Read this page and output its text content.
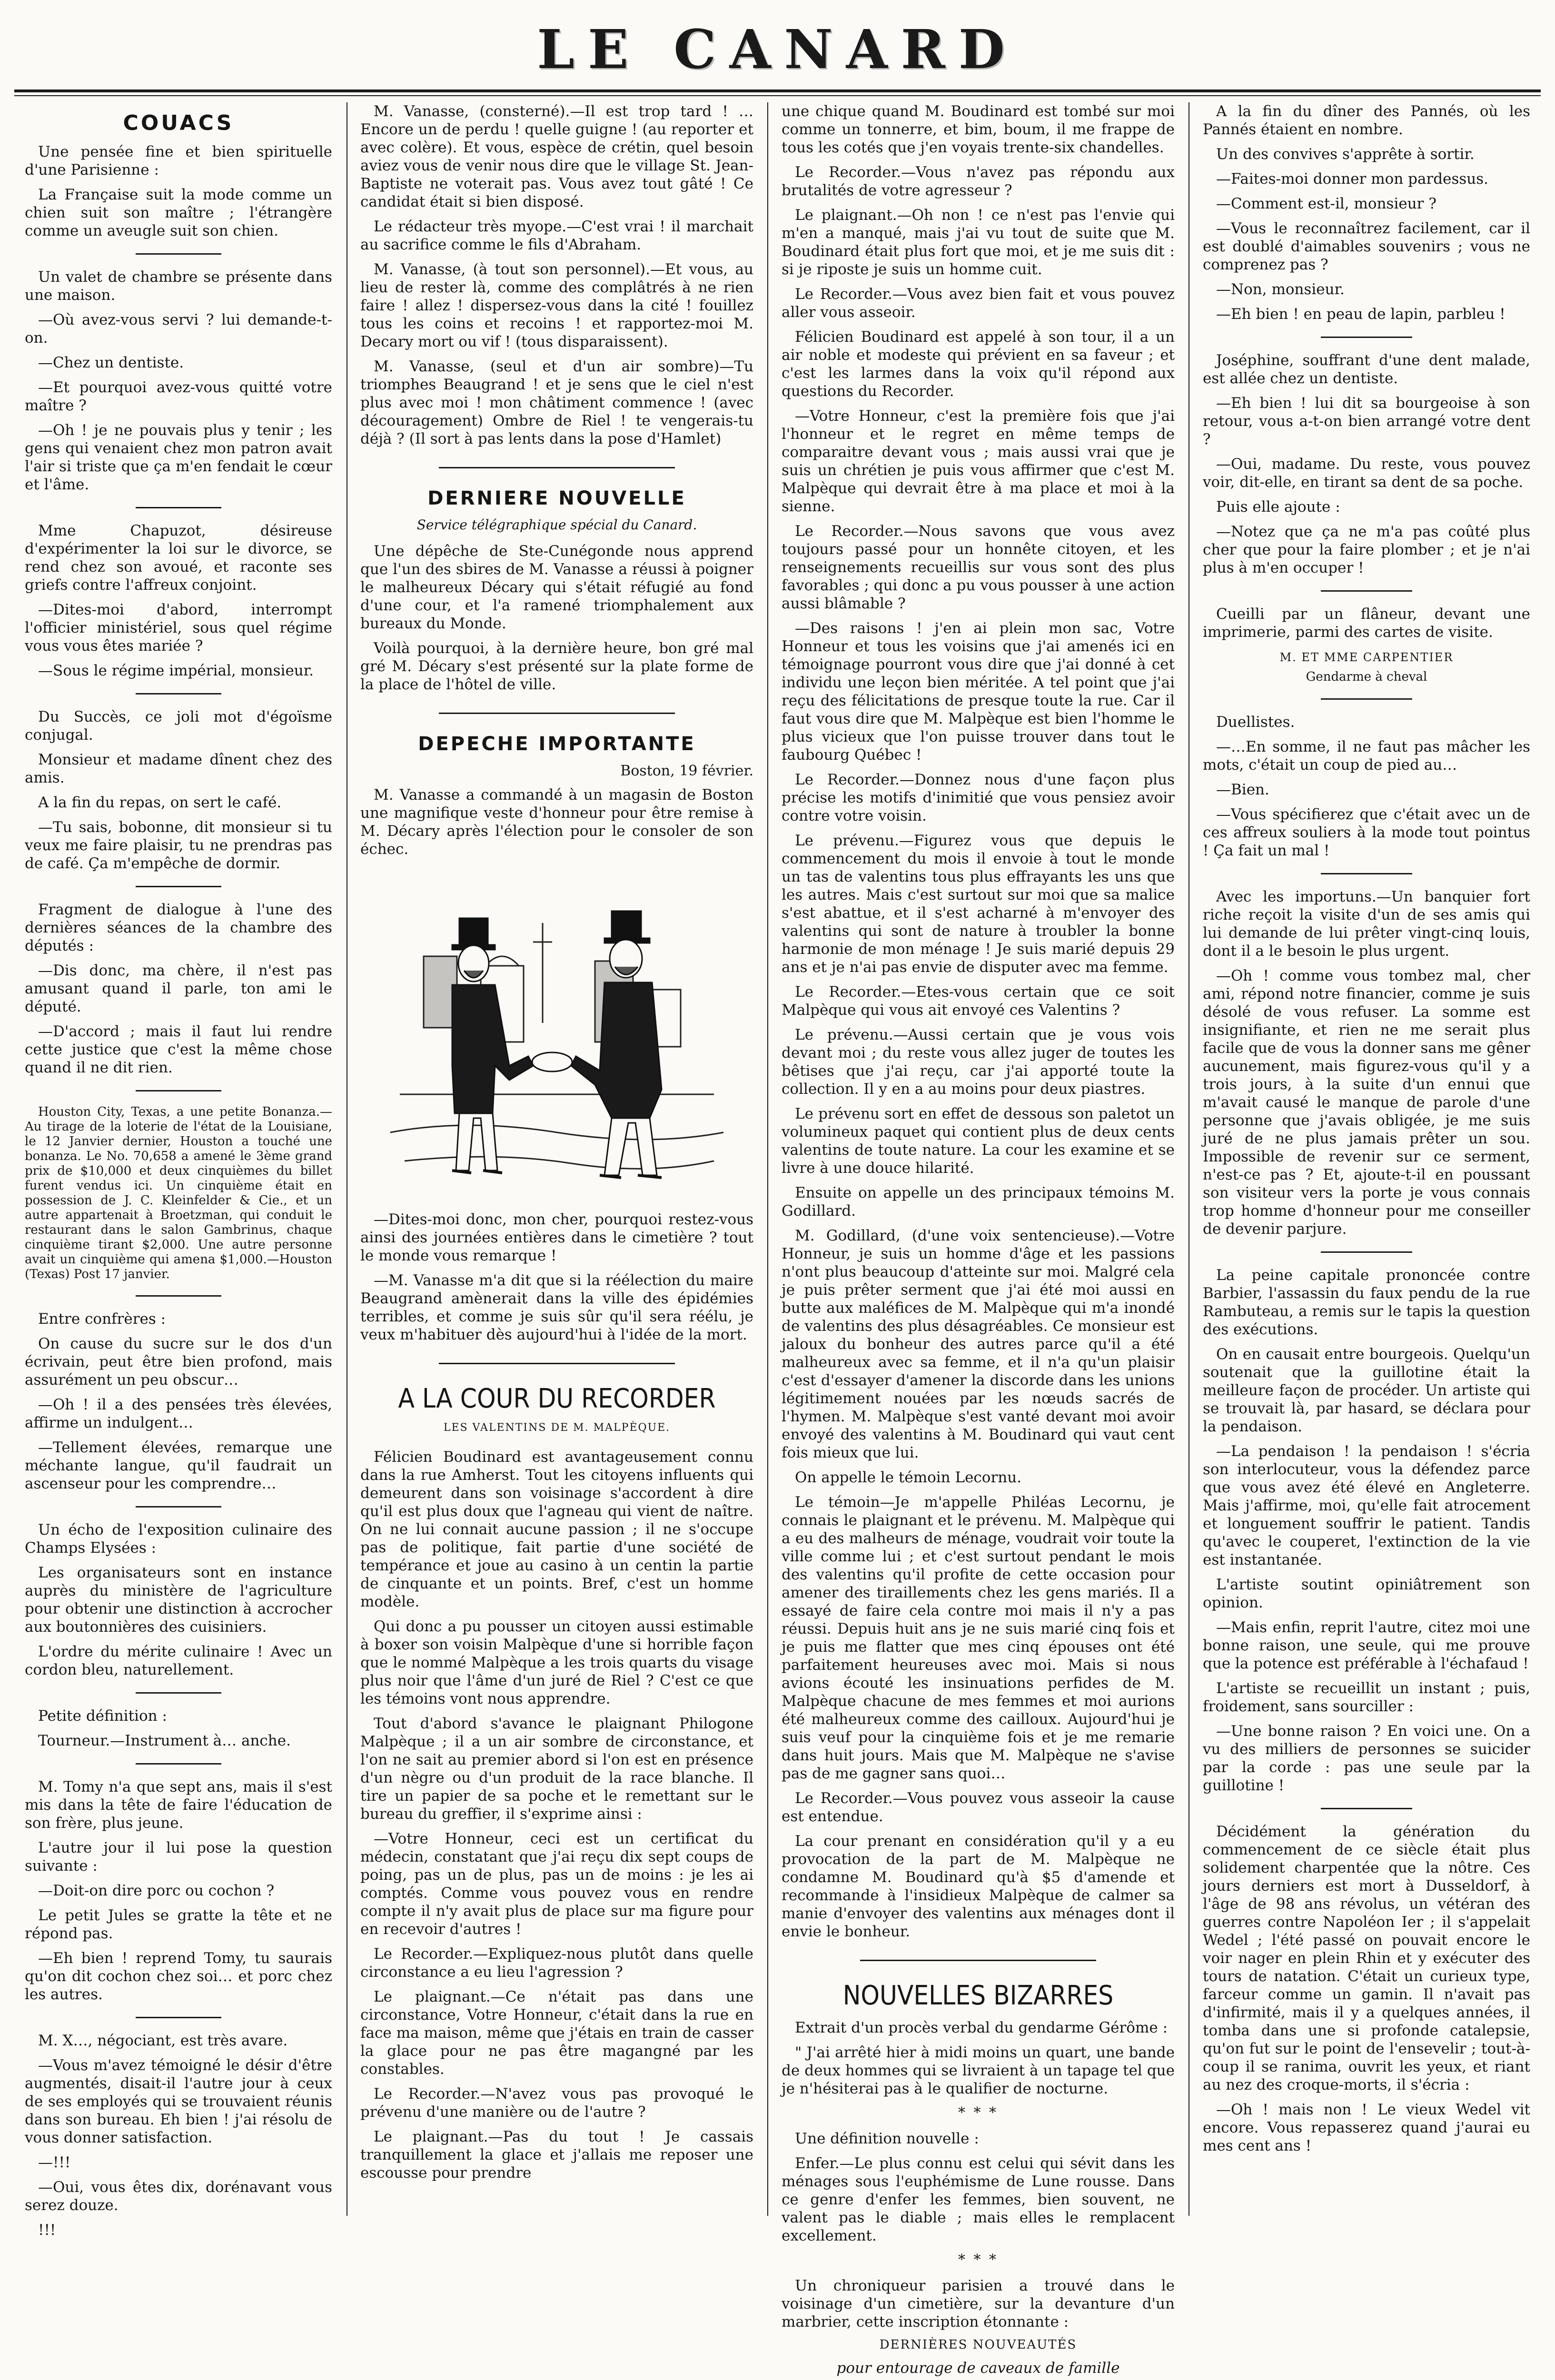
LE CANARD
COUACS

Une pensée fine et bien spirituelle d'une Parisienne :

La Française suit la mode comme un chien suit son maître ; l'étrangère comme un aveugle suit son chien.

Un valet de chambre se présente dans une maison.

—Où avez-vous servi ? lui demande-t-on.

—Chez un dentiste.

—Et pourquoi avez-vous quitté votre maître ?

—Oh ! je ne pouvais plus y tenir ; les gens qui venaient chez mon patron avait l'air si triste que ça m'en fendait le cœur et l'âme.

Mme Chapuzot, désireuse d'expérimenter la loi sur le divorce, se rend chez son avoué, et raconte ses griefs contre l'affreux conjoint.

—Dites-moi d'abord, interrompt l'officier ministériel, sous quel régime vous vous êtes mariée ?

—Sous le régime impérial, monsieur.

Du Succès, ce joli mot d'égoïsme conjugal.

Monsieur et madame dînent chez des amis.

A la fin du repas, on sert le café.

—Tu sais, bobonne, dit monsieur si tu veux me faire plaisir, tu ne prendras pas de café. Ça m'empêche de dormir.

Fragment de dialogue à l'une des dernières séances de la chambre des députés :

—Dis donc, ma chère, il n'est pas amusant quand il parle, ton ami le député.

—D'accord ; mais il faut lui rendre cette justice que c'est la même chose quand il ne dit rien.

Houston City, Texas, a une petite Bonanza.—Au tirage de la loterie de l'état de la Louisiane, le 12 Janvier dernier, Houston a touché une bonanza. Le No. 70,658 a amené le 3ème grand prix de $10,000 et deux cinquièmes du billet furent vendus ici. Un cinquième était en possession de J. C. Kleinfelder & Cie., et un autre appartenait à Broetzman, qui conduit le restaurant dans le salon Gambrinus, chaque cinquième tirant $2,000. Une autre personne avait un cinquième qui amena $1,000.—Houston (Texas) Post 17 janvier.

Entre confrères :

On cause du sucre sur le dos d'un écrivain, peut être bien profond, mais assurément un peu obscur…

—Oh ! il a des pensées très élevées, affirme un indulgent…

—Tellement élevées, remarque une méchante langue, qu'il faudrait un ascenseur pour les comprendre…

Un écho de l'exposition culinaire des Champs Elysées :

Les organisateurs sont en instance auprès du ministère de l'agriculture pour obtenir une distinction à accrocher aux boutonnières des cuisiniers.

L'ordre du mérite culinaire ! Avec un cordon bleu, naturellement.

Petite définition :

Tourneur.—Instrument à… anche.

M. Tomy n'a que sept ans, mais il s'est mis dans la tête de faire l'éducation de son frère, plus jeune.

L'autre jour il lui pose la question suivante :

—Doit-on dire porc ou cochon ?

Le petit Jules se gratte la tête et ne répond pas.

—Eh bien ! reprend Tomy, tu saurais qu'on dit cochon chez soi… et porc chez les autres.

M. X…, négociant, est très avare.

—Vous m'avez témoigné le désir d'être augmentés, disait-il l'autre jour à ceux de ses employés qui se trouvaient réunis dans son bureau. Eh bien ! j'ai résolu de vous donner satisfaction.

—!!!

—Oui, vous êtes dix, dorénavant vous serez douze.

!!!

M. Vanasse, (consterné).—Il est trop tard ! … Encore un de perdu ! quelle guigne ! (au reporter et avec colère). Et vous, espèce de crétin, quel besoin aviez vous de venir nous dire que le village St. Jean-Baptiste ne voterait pas. Vous avez tout gâté ! Ce candidat était si bien disposé.

Le rédacteur très myope.—C'est vrai ! il marchait au sacrifice comme le fils d'Abraham.

M. Vanasse, (à tout son personnel).—Et vous, au lieu de rester là, comme des complâtrés à ne rien faire ! allez ! dispersez-vous dans la cité ! fouillez tous les coins et recoins ! et rapportez-moi M. Decary mort ou vif ! (tous disparaissent).

M. Vanasse, (seul et d'un air sombre)—Tu triomphes Beaugrand ! et je sens que le ciel n'est plus avec moi ! mon châtiment commence ! (avec découragement) Ombre de Riel ! te vengerais-tu déjà ? (Il sort à pas lents dans la pose d'Hamlet)

DERNIERE NOUVELLE
Service télégraphique spécial du Canard.

Une dépêche de Ste-Cunégonde nous apprend que l'un des sbires de M. Vanasse a réussi à poigner le malheureux Décary qui s'était réfugié au fond d'une cour, et l'a ramené triomphalement aux bureaux du Monde.

Voilà pourquoi, à la dernière heure, bon gré mal gré M. Décary s'est présenté sur la plate forme de la place de l'hôtel de ville.

DEPECHE IMPORTANTE
Boston, 19 février.

M. Vanasse a commandé à un magasin de Boston une magnifique veste d'honneur pour être remise à M. Décary après l'élection pour le consoler de son échec.

—Dites-moi donc, mon cher, pourquoi restez-vous ainsi des journées entières dans le cimetière ? tout le monde vous remarque !

—M. Vanasse m'a dit que si la réélection du maire Beaugrand amènerait dans la ville des épidémies terribles, et comme je suis sûr qu'il sera réélu, je veux m'habituer dès aujourd'hui à l'idée de la mort.

A LA COUR DU RECORDER
LES VALENTINS DE M. MALPÈQUE.

Félicien Boudinard est avantageusement connu dans la rue Amherst. Tout les citoyens influents qui demeurent dans son voisinage s'accordent à dire qu'il est plus doux que l'agneau qui vient de naître. On ne lui connait aucune passion ; il ne s'occupe pas de politique, fait partie d'une société de tempérance et joue au casino à un centin la partie de cinquante et un points. Bref, c'est un homme modèle.

Qui donc a pu pousser un citoyen aussi estimable à boxer son voisin Malpèque d'une si horrible façon que le nommé Malpèque a les trois quarts du visage plus noir que l'âme d'un juré de Riel ? C'est ce que les témoins vont nous apprendre.

Tout d'abord s'avance le plaignant Philogone Malpèque ; il a un air sombre de circonstance, et l'on ne sait au premier abord si l'on est en présence d'un nègre ou d'un produit de la race blanche. Il tire un papier de sa poche et le remettant sur le bureau du greffier, il s'exprime ainsi :

—Votre Honneur, ceci est un certificat du médecin, constatant que j'ai reçu dix sept coups de poing, pas un de plus, pas un de moins : je les ai comptés. Comme vous pouvez vous en rendre compte il n'y avait plus de place sur ma figure pour en recevoir d'autres !

Le Recorder.—Expliquez-nous plutôt dans quelle circonstance a eu lieu l'agression ?

Le plaignant.—Ce n'était pas dans une circonstance, Votre Honneur, c'était dans la rue en face ma maison, même que j'étais en train de casser la glace pour ne pas être magangné par les constables.

Le Recorder.—N'avez vous pas provoqué le prévenu d'une manière ou de l'autre ?

Le plaignant.—Pas du tout ! Je cassais tranquillement la glace et j'allais me reposer une escousse pour prendre

une chique quand M. Boudinard est tombé sur moi comme un tonnerre, et bim, boum, il me frappe de tous les cotés que j'en voyais trente-six chandelles.

Le Recorder.—Vous n'avez pas répondu aux brutalités de votre agresseur ?

Le plaignant.—Oh non ! ce n'est pas l'envie qui m'en a manqué, mais j'ai vu tout de suite que M. Boudinard était plus fort que moi, et je me suis dit : si je riposte je suis un homme cuit.

Le Recorder.—Vous avez bien fait et vous pouvez aller vous asseoir.

Félicien Boudinard est appelé à son tour, il a un air noble et modeste qui prévient en sa faveur ; et c'est les larmes dans la voix qu'il répond aux questions du Recorder.

—Votre Honneur, c'est la première fois que j'ai l'honneur et le regret en même temps de comparaitre devant vous ; mais aussi vrai que je suis un chrétien je puis vous affirmer que c'est M. Malpèque qui devrait être à ma place et moi à la sienne.

Le Recorder.—Nous savons que vous avez toujours passé pour un honnête citoyen, et les renseignements recueillis sur vous sont des plus favorables ; qui donc a pu vous pousser à une action aussi blâmable ?

—Des raisons ! j'en ai plein mon sac, Votre Honneur et tous les voisins que j'ai amenés ici en témoignage pourront vous dire que j'ai donné à cet individu une leçon bien méritée. A tel point que j'ai reçu des félicitations de presque toute la rue. Car il faut vous dire que M. Malpèque est bien l'homme le plus vicieux que l'on puisse trouver dans tout le faubourg Québec !

Le Recorder.—Donnez nous d'une façon plus précise les motifs d'inimitié que vous pensiez avoir contre votre voisin.

Le prévenu.—Figurez vous que depuis le commencement du mois il envoie à tout le monde un tas de valentins tous plus effrayants les uns que les autres. Mais c'est surtout sur moi que sa malice s'est abattue, et il s'est acharné à m'envoyer des valentins qui sont de nature à troubler la bonne harmonie de mon ménage ! Je suis marié depuis 29 ans et je n'ai pas envie de disputer avec ma femme.

Le Recorder.—Etes-vous certain que ce soit Malpèque qui vous ait envoyé ces Valentins ?

Le prévenu.—Aussi certain que je vous vois devant moi ; du reste vous allez juger de toutes les bêtises que j'ai reçu, car j'ai apporté toute la collection. Il y en a au moins pour deux piastres.

Le prévenu sort en effet de dessous son paletot un volumineux paquet qui contient plus de deux cents valentins de toute nature. La cour les examine et se livre à une douce hilarité.

Ensuite on appelle un des principaux témoins M. Godillard.

M. Godillard, (d'une voix sentencieuse).—Votre Honneur, je suis un homme d'âge et les passions n'ont plus beaucoup d'atteinte sur moi. Malgré cela je puis prêter serment que j'ai été moi aussi en butte aux maléfices de M. Malpèque qui m'a inondé de valentins des plus désagréables. Ce monsieur est jaloux du bonheur des autres parce qu'il a été malheureux avec sa femme, et il n'a qu'un plaisir c'est d'essayer d'amener la discorde dans les unions légitimement nouées par les nœuds sacrés de l'hymen. M. Malpèque s'est vanté devant moi avoir envoyé des valentins à M. Boudinard qui vaut cent fois mieux que lui.

On appelle le témoin Lecornu.

Le témoin—Je m'appelle Philéas Lecornu, je connais le plaignant et le prévenu. M. Malpèque qui a eu des malheurs de ménage, voudrait voir toute la ville comme lui ; et c'est surtout pendant le mois des valentins qu'il profite de cette occasion pour amener des tiraillements chez les gens mariés. Il a essayé de faire cela contre moi mais il n'y a pas réussi. Depuis huit ans je ne suis marié cinq fois et je puis me flatter que mes cinq épouses ont été parfaitement heureuses avec moi. Mais si nous avions écouté les insinuations perfides de M. Malpèque chacune de mes femmes et moi aurions été malheureux comme des cailloux. Aujourd'hui je suis veuf pour la cinquième fois et je me remarie dans huit jours. Mais que M. Malpèque ne s'avise pas de me gagner sans quoi…

Le Recorder.—Vous pouvez vous asseoir la cause est entendue.

La cour prenant en considération qu'il y a eu provocation de la part de M. Malpèque ne condamne M. Boudinard qu'à $5 d'amende et recommande à l'insidieux Malpèque de calmer sa manie d'envoyer des valentins aux ménages dont il envie le bonheur.

NOUVELLES BIZARRES

Extrait d'un procès verbal du gendarme Gérôme :

" J'ai arrêté hier à midi moins un quart, une bande de deux hommes qui se livraient à un tapage tel que je n'hésiterai pas à le qualifier de nocturne.

* * *

Une définition nouvelle :

Enfer.—Le plus connu est celui qui sévit dans les ménages sous l'euphémisme de Lune rousse. Dans ce genre d'enfer les femmes, bien souvent, ne valent pas le diable ; mais elles le remplacent excellement.

* * *

Un chroniqueur parisien a trouvé dans le voisinage d'un cimetière, sur la devanture d'un marbrier, cette inscription étonnante :

DERNIÈRES NOUVEAUTÉS

pour entourage de caveaux de famille

A la fin du dîner des Pannés, où les Pannés étaient en nombre.

Un des convives s'apprête à sortir.

—Faites-moi donner mon pardessus.

—Comment est-il, monsieur ?

—Vous le reconnaîtrez facilement, car il est doublé d'aimables souvenirs ; vous ne comprenez pas ?

—Non, monsieur.

—Eh bien ! en peau de lapin, parbleu !

Joséphine, souffrant d'une dent malade, est allée chez un dentiste.

—Eh bien ! lui dit sa bourgeoise à son retour, vous a-t-on bien arrangé votre dent ?

—Oui, madame. Du reste, vous pouvez voir, dit-elle, en tirant sa dent de sa poche.

Puis elle ajoute :

—Notez que ça ne m'a pas coûté plus cher que pour la faire plomber ; et je n'ai plus à m'en occuper !

Cueilli par un flâneur, devant une imprimerie, parmi des cartes de visite.

M. ET MME CARPENTIER
Gendarme à cheval

Duellistes.

—…En somme, il ne faut pas mâcher les mots, c'était un coup de pied au…

—Bien.

—Vous spécifierez que c'était avec un de ces affreux souliers à la mode tout pointus ! Ça fait un mal !

Avec les importuns.—Un banquier fort riche reçoit la visite d'un de ses amis qui lui demande de lui prêter vingt-cinq louis, dont il a le besoin le plus urgent.

—Oh ! comme vous tombez mal, cher ami, répond notre financier, comme je suis désolé de vous refuser. La somme est insignifiante, et rien ne me serait plus facile que de vous la donner sans me gêner aucunement, mais figurez-vous qu'il y a trois jours, à la suite d'un ennui que m'avait causé le manque de parole d'une personne que j'avais obligée, je me suis juré de ne plus jamais prêter un sou. Impossible de revenir sur ce serment, n'est-ce pas ? Et, ajoute-t-il en poussant son visiteur vers la porte je vous connais trop homme d'honneur pour me conseiller de devenir parjure.

La peine capitale prononcée contre Barbier, l'assassin du faux pendu de la rue Rambuteau, a remis sur le tapis la question des exécutions.

On en causait entre bourgeois. Quelqu'un soutenait que la guillotine était la meilleure façon de procéder. Un artiste qui se trouvait là, par hasard, se déclara pour la pendaison.

—La pendaison ! la pendaison ! s'écria son interlocuteur, vous la défendez parce que vous avez été élevé en Angleterre. Mais j'affirme, moi, qu'elle fait atrocement et longuement souffrir le patient. Tandis qu'avec le couperet, l'extinction de la vie est instantanée.

L'artiste soutint opiniâtrement son opinion.

—Mais enfin, reprit l'autre, citez moi une bonne raison, une seule, qui me prouve que la potence est préférable à l'échafaud !

L'artiste se recueillit un instant ; puis, froidement, sans sourciller :

—Une bonne raison ? En voici une. On a vu des milliers de personnes se suicider par la corde : pas une seule par la guillotine !

Décidément la génération du commencement de ce siècle était plus solidement charpentée que la nôtre. Ces jours derniers est mort à Dusseldorf, à l'âge de 98 ans révolus, un vétéran des guerres contre Napoléon Ier ; il s'appelait Wedel ; l'été passé on pouvait encore le voir nager en plein Rhin et y exécuter des tours de natation. C'était un curieux type, farceur comme un gamin. Il n'avait pas d'infirmité, mais il y a quelques années, il tomba dans une si profonde catalepsie, qu'on fut sur le point de l'ensevelir ; tout-à-coup il se ranima, ouvrit les yeux, et riant au nez des croque-morts, il s'écria :

—Oh ! mais non ! Le vieux Wedel vit encore. Vous repasserez quand j'aurai eu mes cent ans !
